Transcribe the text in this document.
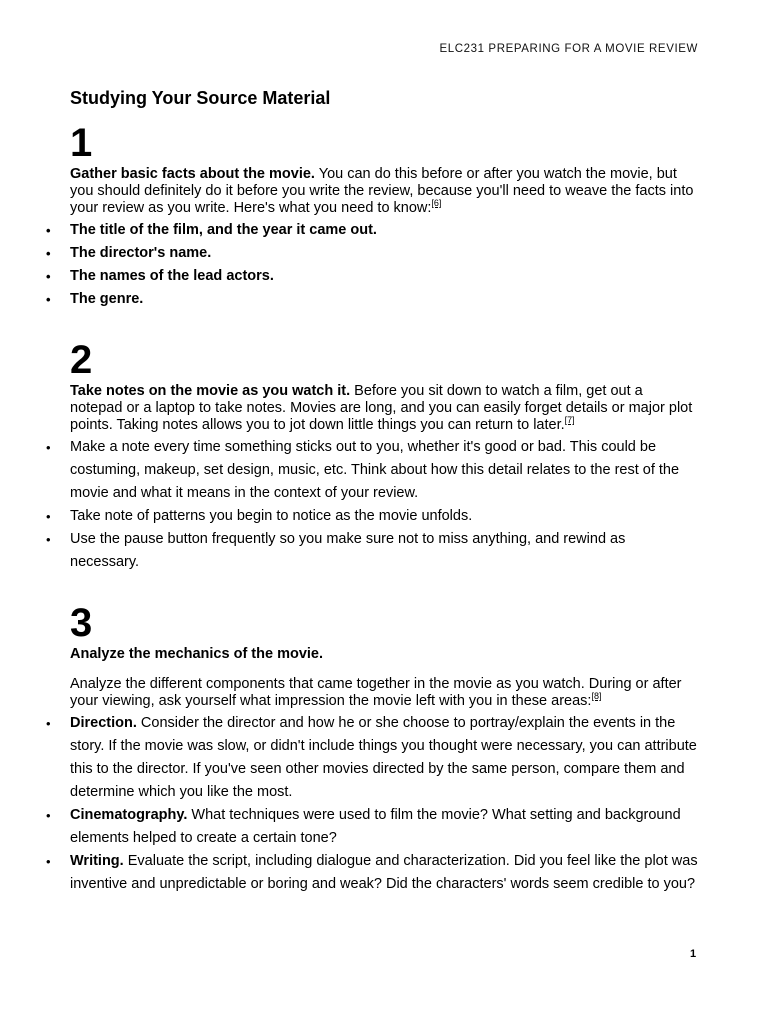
ELC231 PREPARING FOR A MOVIE REVIEW
Studying Your Source Material
1

Gather basic facts about the movie. You can do this before or after you watch the movie, but you should definitely do it before you write the review, because you'll need to weave the facts into your review as you write. Here's what you need to know:[6]

• The title of the film, and the year it came out.
• The director's name.
• The names of the lead actors.
• The genre.
2

Take notes on the movie as you watch it. Before you sit down to watch a film, get out a notepad or a laptop to take notes. Movies are long, and you can easily forget details or major plot points. Taking notes allows you to jot down little things you can return to later.[7]

• Make a note every time something sticks out to you, whether it's good or bad. This could be costuming, makeup, set design, music, etc. Think about how this detail relates to the rest of the movie and what it means in the context of your review.
• Take note of patterns you begin to notice as the movie unfolds.
• Use the pause button frequently so you make sure not to miss anything, and rewind as necessary.
3

Analyze the mechanics of the movie.

Analyze the different components that came together in the movie as you watch. During or after your viewing, ask yourself what impression the movie left with you in these areas:[8]

• Direction. Consider the director and how he or she choose to portray/explain the events in the story. If the movie was slow, or didn't include things you thought were necessary, you can attribute this to the director. If you've seen other movies directed by the same person, compare them and determine which you like the most.
• Cinematography. What techniques were used to film the movie? What setting and background elements helped to create a certain tone?
• Writing. Evaluate the script, including dialogue and characterization. Did you feel like the plot was inventive and unpredictable or boring and weak? Did the characters' words seem credible to you?
1
